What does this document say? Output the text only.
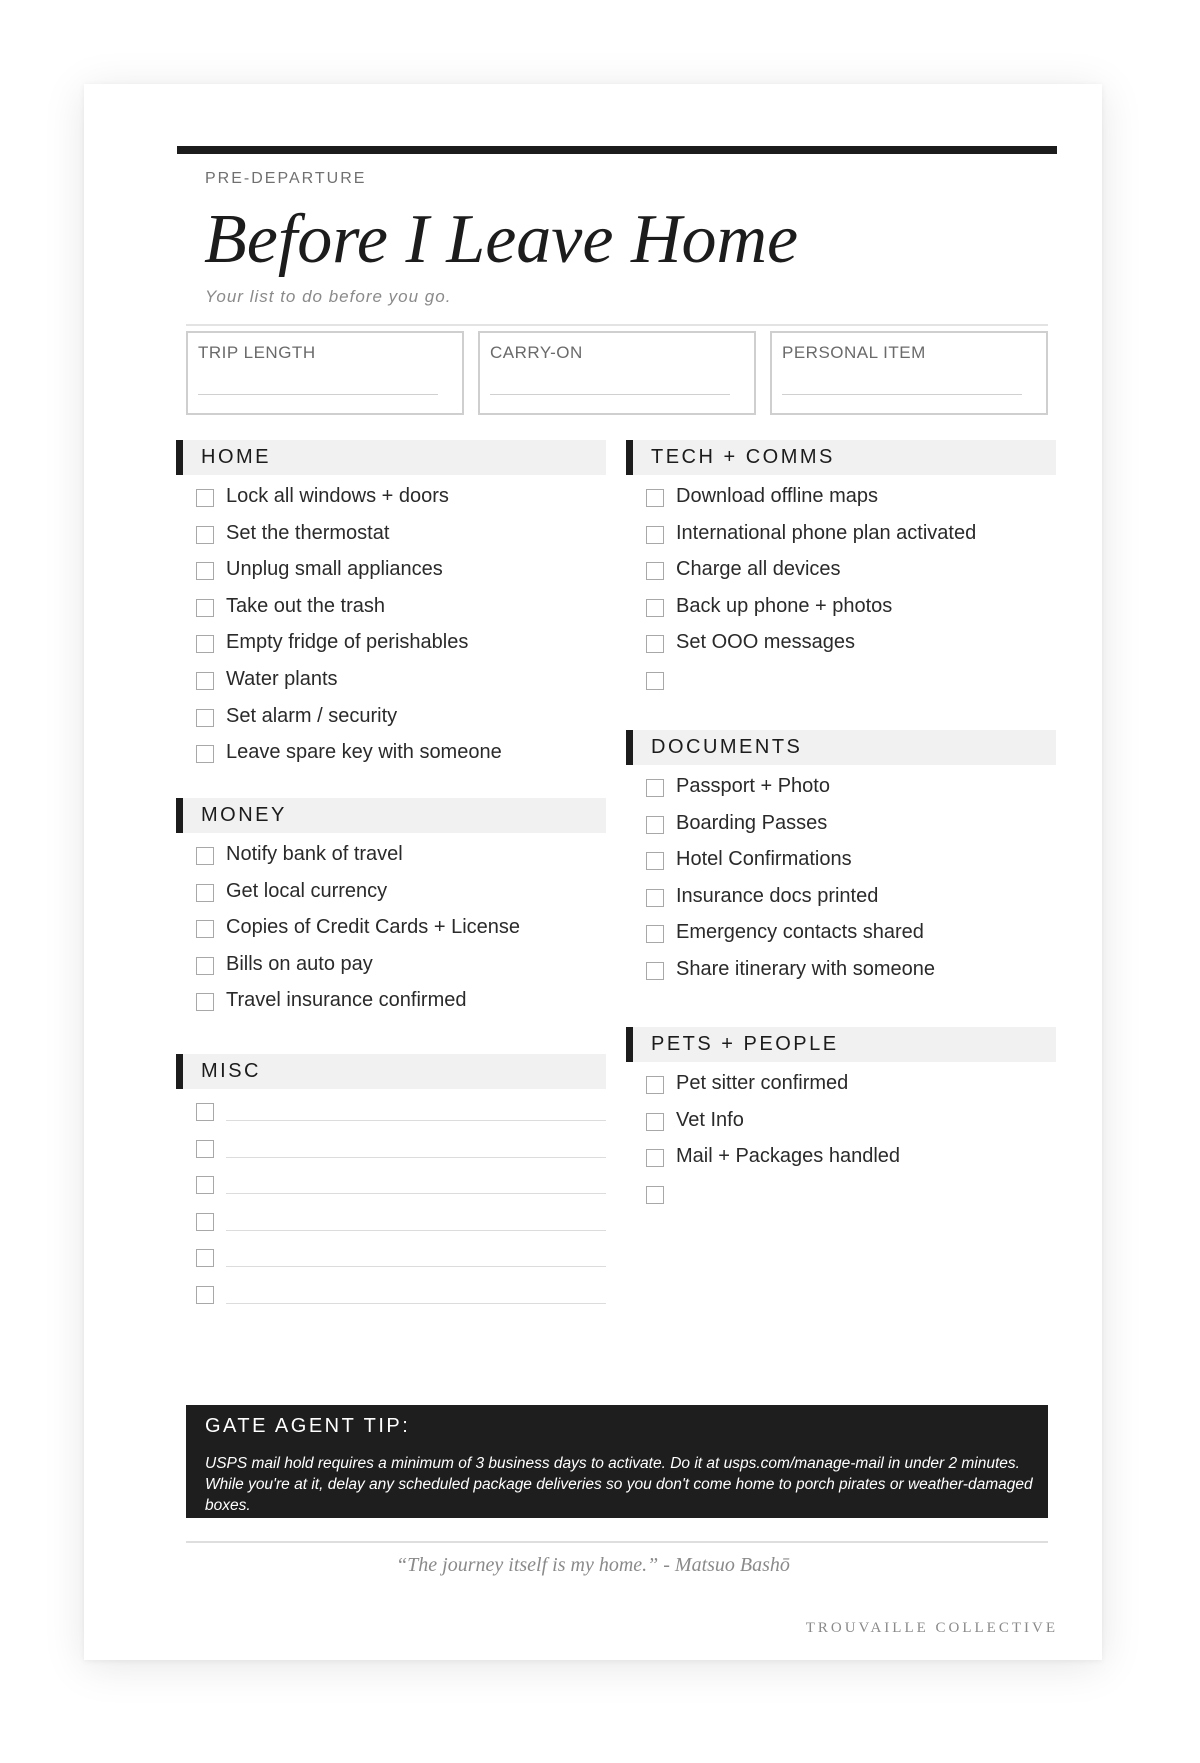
PRE-DEPARTURE
Before I Leave Home
Your list to do before you go.
TRIP LENGTH	CARRY-ON	PERSONAL ITEM
HOME
Lock all windows + doors
Set the thermostat
Unplug small appliances
Take out the trash
Empty fridge of perishables
Water plants
Set alarm / security
Leave spare key with someone
MONEY
Notify bank of travel
Get local currency
Copies of Credit Cards + License
Bills on auto pay
Travel insurance confirmed
MISC
TECH + COMMS
Download offline maps
International phone plan activated
Charge all devices
Back up phone + photos
Set OOO messages
DOCUMENTS
Passport + Photo
Boarding Passes
Hotel Confirmations
Insurance docs printed
Emergency contacts shared
Share itinerary with someone
PETS + PEOPLE
Pet sitter confirmed
Vet Info
Mail + Packages handled
GATE AGENT TIP:
USPS mail hold requires a minimum of 3 business days to activate. Do it at usps.com/manage-mail in under 2 minutes. While you're at it, delay any scheduled package deliveries so you don't come home to porch pirates or weather-damaged boxes.
“The journey itself is my home.” - Matsuo Bashō
TROUVAILLE COLLECTIVE
